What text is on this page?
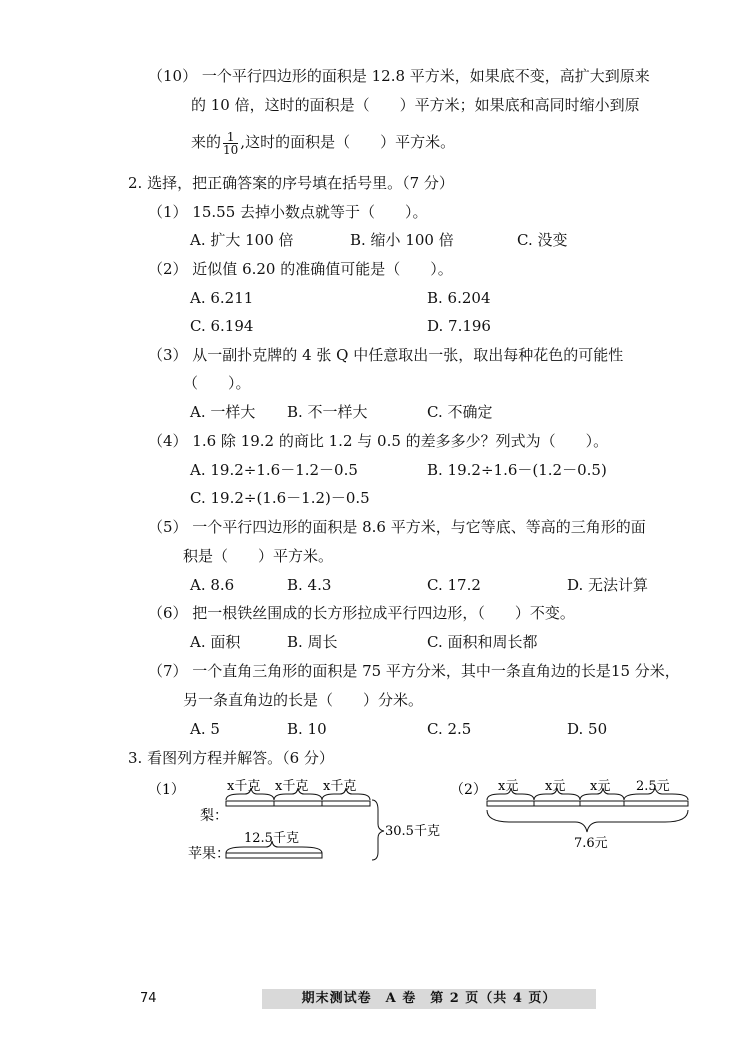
（10） 一个平行四边形的面积是 12.8 平方米，如果底不变，高扩大到原来
的 10 倍，这时的面积是（　　）平方米；如果底和高同时缩小到原
来的 $\frac{1}{10}$ ,这时的面积是（　　）平方米。
2. 选择，把正确答案的序号填在括号里。（7 分）
（1） 15.55 去掉小数点就等于（　　）。
A. 扩大 100 倍	B. 缩小 100 倍	C. 没变
（2） 近似值 6.20 的准确值可能是（　　）。
A. 6.211	B. 6.204
C. 6.194	D. 7.196
（3） 从一副扑克牌的 4 张 Q 中任意取出一张，取出每种花色的可能性
（　　）。
A. 一样大 B. 不一样大	C. 不确定
（4） 1.6 除 19.2 的商比 1.2 与 0.5 的差多多少？列式为（　　）。
A. 19.2÷1.6－1.2－0.5	B. 19.2÷1.6－(1.2－0.5)
C. 19.2÷(1.6－1.2)－0.5
（5） 一个平行四边形的面积是 8.6 平方米，与它等底、等高的三角形的面
积是（　　）平方米。
A. 8.6	B. 4.3	C. 17.2	D. 无法计算
（6） 把一根铁丝围成的长方形拉成平行四边形，（　　）不变。
A. 面积	B. 周长	C. 面积和周长都
（7） 一个直角三角形的面积是 75 平方分米，其中一条直角边的长是15 分米，
另一条直角边的长是（　　）分米。
A. 5	B. 10	C. 2.5	D. 50
3. 看图列方程并解答。（6 分）
（1）
梨：
x千克 x千克 x千克
苹果：
12.5千克	30.5千克
（2） x元 x元 x元 2.5元
7.6元
74	期末测试卷　A 卷　第 2 页（共 4 页）
